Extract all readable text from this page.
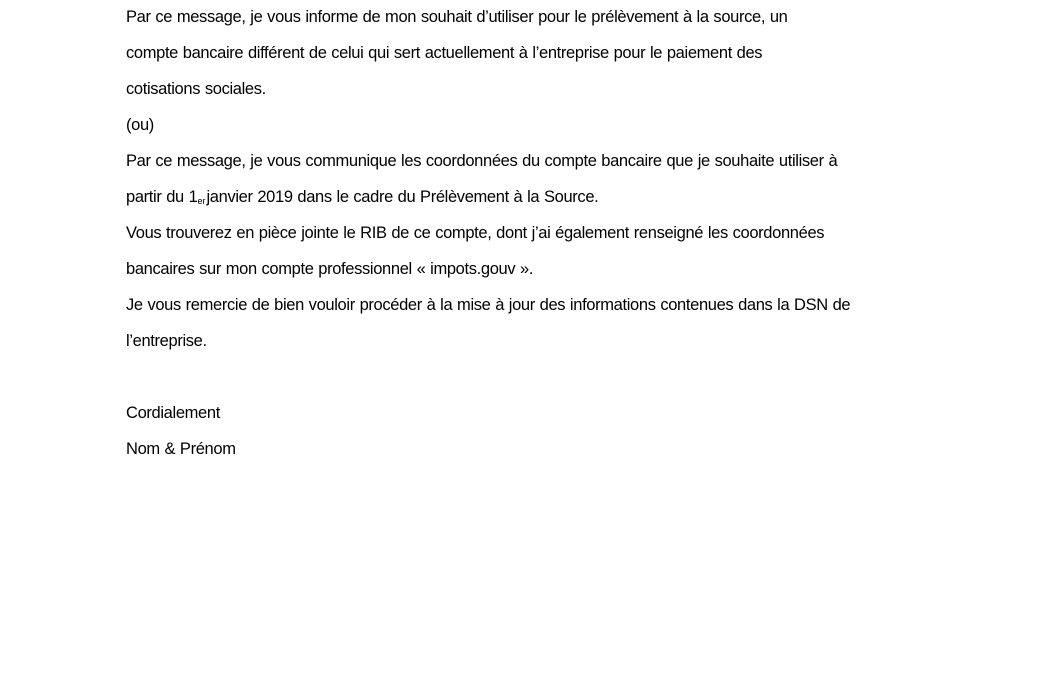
Par ce message, je vous informe de mon souhait d’utiliser pour le prélèvement à la source, un
compte bancaire différent de celui qui sert actuellement à l’entreprise pour le paiement des
cotisations sociales.
(ou)
Par ce message, je vous communique les coordonnées du compte bancaire que je souhaite utiliser à
partir du 1erjanvier 2019 dans le cadre du Prélèvement à la Source.
Vous trouverez en pièce jointe le RIB de ce compte, dont j’ai également renseigné les coordonnées
bancaires sur mon compte professionnel « impots.gouv ».
Je vous remercie de bien vouloir procéder à la mise à jour des informations contenues dans la DSN de
l’entreprise.
Cordialement
Nom & Prénom
